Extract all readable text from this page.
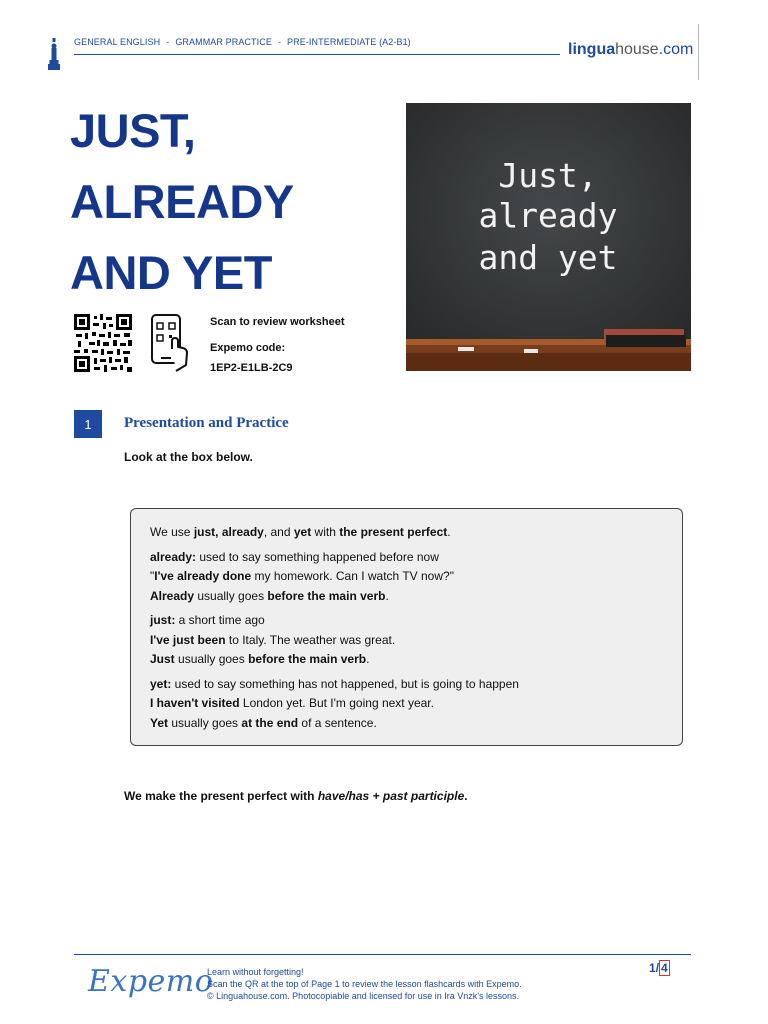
GENERAL ENGLISH - GRAMMAR PRACTICE - PRE-INTERMEDIATE (A2-B1)	linguahouse.com
JUST,
ALREADY
AND YET
Scan to review worksheet
Expemo code:
1EP2-E1LB-2C9
Just,
already
and yet
1	Presentation and Practice
Look at the box below.

We use just, already, and yet with the present perfect.

already: used to say something happened before now

"I've already done my homework. Can I watch TV now?"

Already usually goes before the main verb.

just: a short time ago

I've just been to Italy. The weather was great.

Just usually goes before the main verb.

yet: used to say something has not happened, but is going to happen

I haven't visited London yet. But I'm going next year.

Yet usually goes at the end of a sentence.

We make the present perfect with have/has + past participle.
Expemo
Learn without forgetting!
Scan the QR at the top of Page 1 to review the lesson flashcards with Expemo.
© Linguahouse.com. Photocopiable and licensed for use in Ira Vnzk's lessons.
1/ 4
